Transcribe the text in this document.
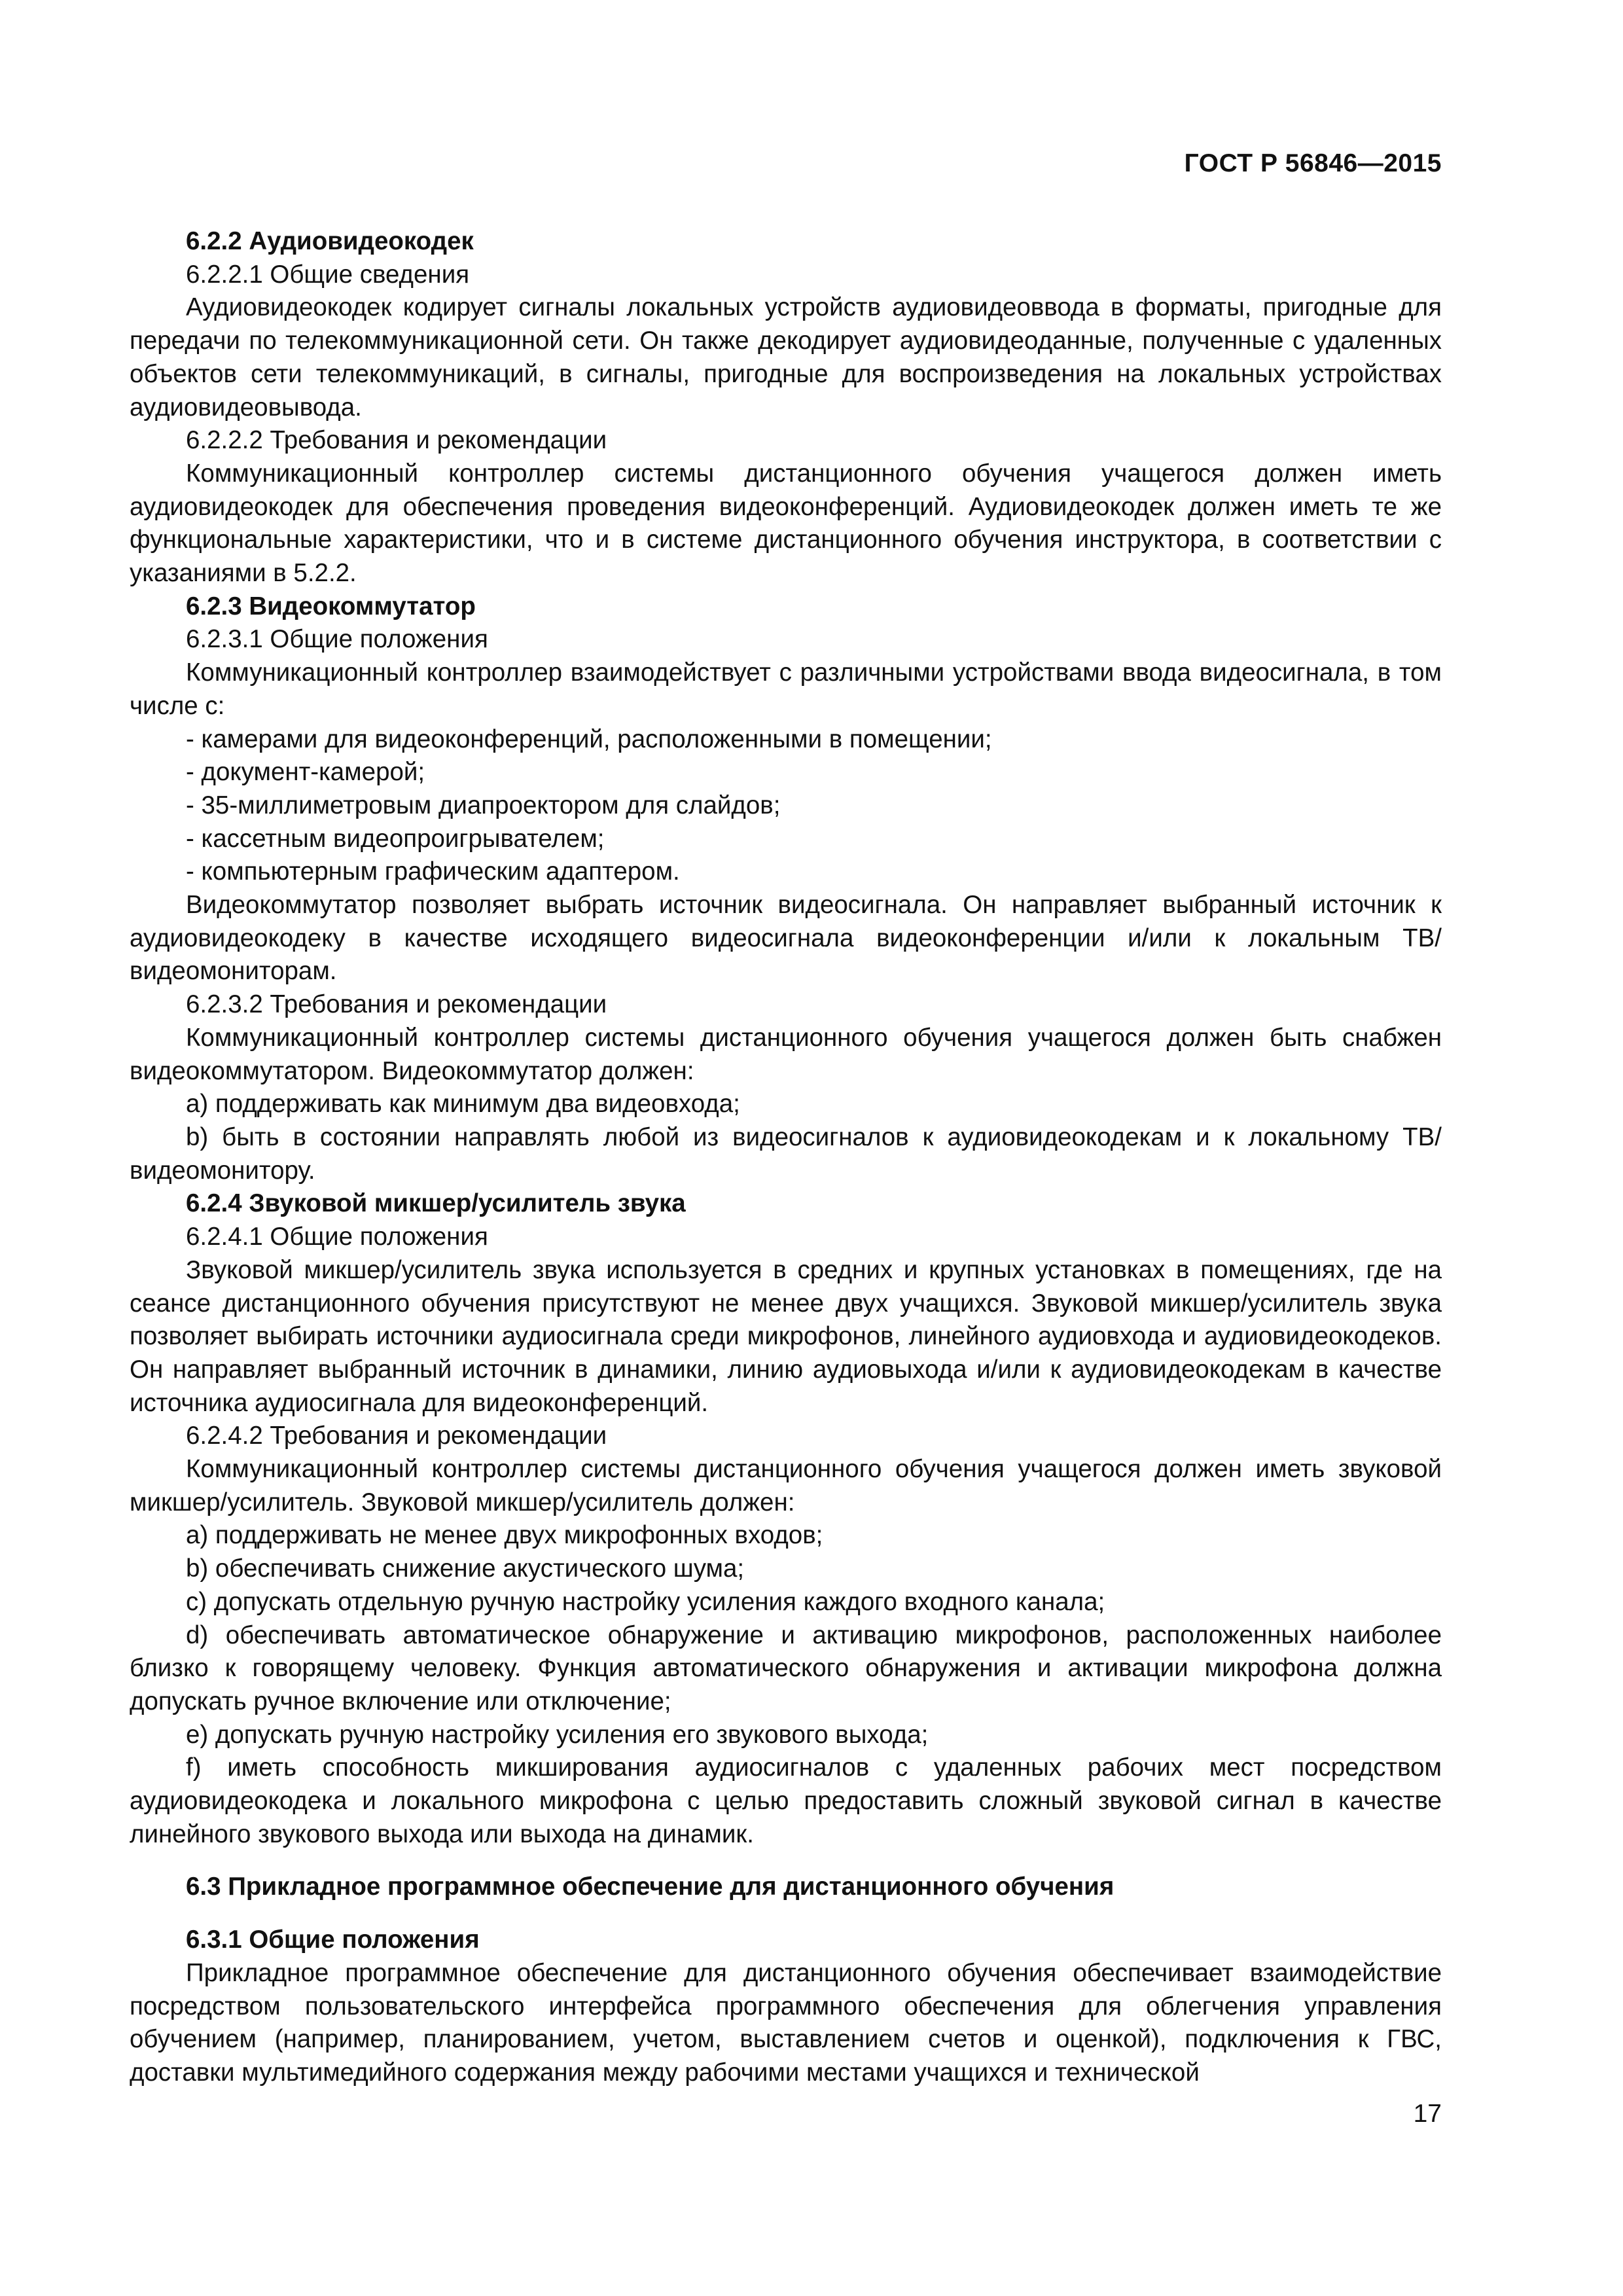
ГОСТ Р 56846—2015

6.2.2 Аудиовидеокодек

6.2.2.1 Общие сведения

Аудиовидеокодек кодирует сигналы локальных устройств аудиовидеоввода в форматы, пригодные для передачи по телекоммуникационной сети. Он также декодирует аудиовидеоданные, полученные с удаленных объектов сети телекоммуникаций, в сигналы, пригодные для воспроизведения на локальных устройствах аудиовидеовывода.

6.2.2.2 Требования и рекомендации

Коммуникационный контроллер системы дистанционного обучения учащегося должен иметь аудиовидеокодек для обеспечения проведения видеоконференций. Аудиовидеокодек должен иметь те же функциональные характеристики, что и в системе дистанционного обучения инструктора, в соответствии с указаниями в 5.2.2.

6.2.3 Видеокоммутатор

6.2.3.1 Общие положения

Коммуникационный контроллер взаимодействует с различными устройствами ввода видеосигнала, в том числе с:

- камерами для видеоконференций, расположенными в помещении;

- документ-камерой;

- 35-миллиметровым диапроектором для слайдов;

- кассетным видеопроигрывателем;

- компьютерным графическим адаптером.

Видеокоммутатор позволяет выбрать источник видеосигнала. Он направляет выбранный источник к аудиовидеокодеку в качестве исходящего видеосигнала видеоконференции и/или к локальным ТВ/видеомониторам.

6.2.3.2 Требования и рекомендации

Коммуникационный контроллер системы дистанционного обучения учащегося должен быть снабжен видеокоммутатором. Видеокоммутатор должен:

a) поддерживать как минимум два видеовхода;

b) быть в состоянии направлять любой из видеосигналов к аудиовидеокодекам и к локальному ТВ/видеомонитору.

6.2.4 Звуковой микшер/усилитель звука

6.2.4.1 Общие положения

Звуковой микшер/усилитель звука используется в средних и крупных установках в помещениях, где на сеансе дистанционного обучения присутствуют не менее двух учащихся. Звуковой микшер/усилитель звука позволяет выбирать источники аудиосигнала среди микрофонов, линейного аудиовхода и аудиовидеокодеков. Он направляет выбранный источник в динамики, линию аудиовыхода и/или к аудиовидеокодекам в качестве источника аудиосигнала для видеоконференций.

6.2.4.2 Требования и рекомендации

Коммуникационный контроллер системы дистанционного обучения учащегося должен иметь звуковой микшер/усилитель. Звуковой микшер/усилитель должен:

a) поддерживать не менее двух микрофонных входов;

b) обеспечивать снижение акустического шума;

c) допускать отдельную ручную настройку усиления каждого входного канала;

d) обеспечивать автоматическое обнаружение и активацию микрофонов, расположенных наиболее близко к говорящему человеку. Функция автоматического обнаружения и активации микрофона должна допускать ручное включение или отключение;

e) допускать ручную настройку усиления его звукового выхода;

f) иметь способность микширования аудиосигналов с удаленных рабочих мест посредством аудиовидеокодека и локального микрофона с целью предоставить сложный звуковой сигнал в качестве линейного звукового выхода или выхода на динамик.

6.3 Прикладное программное обеспечение для дистанционного обучения

6.3.1 Общие положения

Прикладное программное обеспечение для дистанционного обучения обеспечивает взаимодействие посредством пользовательского интерфейса программного обеспечения для облегчения управления обучением (например, планированием, учетом, выставлением счетов и оценкой), подключения к ГВС, доставки мультимедийного содержания между рабочими местами учащихся и технической

17
